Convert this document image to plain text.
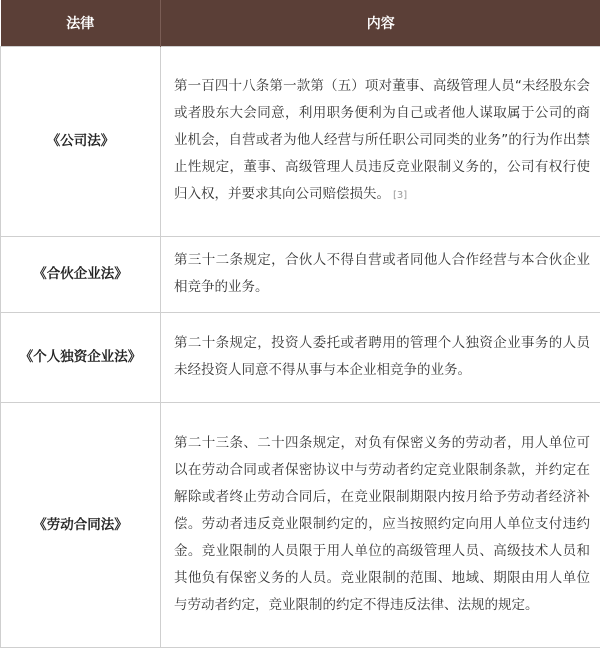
法律	内容
《公司法》	第一百四十八条第一款第（五）项对董事、高级管理人员“未经股东会或者股东大会同意，利用职务便利为自己或者他人谋取属于公司的商业机会，自营或者为他人经营与所任职公司同类的业务”的行为作出禁止性规定，董事、高级管理人员违反竞业限制义务的，公司有权行使归入权，并要求其向公司赔偿损失。 [3]
《合伙企业法》	第三十二条规定，合伙人不得自营或者同他人合作经营与本合伙企业相竞争的业务。
《个人独资企业法》	第二十条规定，投资人委托或者聘用的管理个人独资企业事务的人员未经投资人同意不得从事与本企业相竞争的业务。
《劳动合同法》	第二十三条、二十四条规定，对负有保密义务的劳动者，用人单位可以在劳动合同或者保密协议中与劳动者约定竞业限制条款，并约定在解除或者终止劳动合同后，在竞业限制期限内按月给予劳动者经济补偿。劳动者违反竞业限制约定的，应当按照约定向用人单位支付违约金。竞业限制的人员限于用人单位的高级管理人员、高级技术人员和其他负有保密义务的人员。竞业限制的范围、地域、期限由用人单位与劳动者约定，竞业限制的约定不得违反法律、法规的规定。
